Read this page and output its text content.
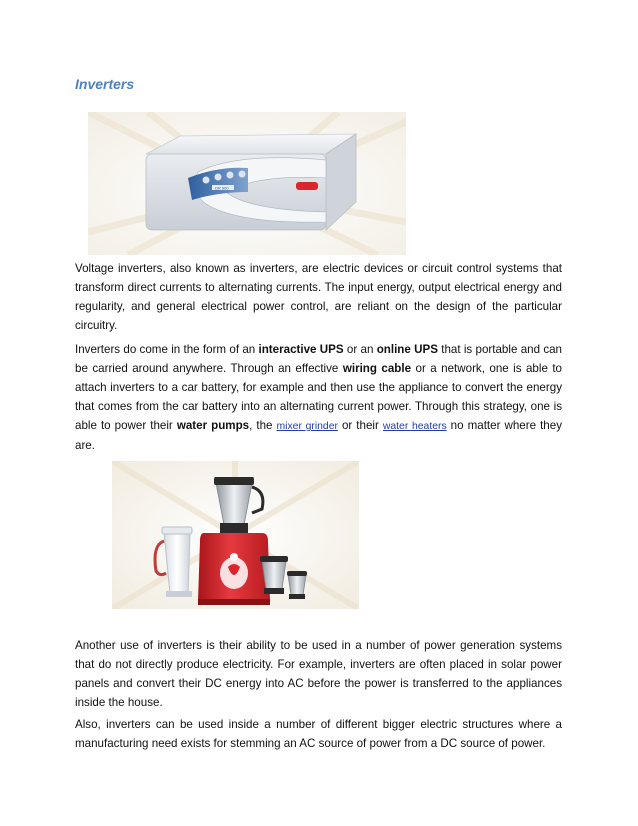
Inverters
DR 900
Voltage inverters, also known as inverters, are electric devices or circuit control systems that transform direct currents to alternating currents. The input energy, output electrical energy and regularity, and general electrical power control, are reliant on the design of the particular circuitry.
Inverters do come in the form of an interactive UPS or an online UPS that is portable and can be carried around anywhere. Through an effective wiring cable or a network, one is able to attach inverters to a car battery, for example and then use the appliance to convert the energy that comes from the car battery into an alternating current power. Through this strategy, one is able to power their water pumps, the mixer grinder or their water heaters no matter where they are.
Another use of inverters is their ability to be used in a number of power generation systems that do not directly produce electricity. For example, inverters are often placed in solar power panels and convert their DC energy into AC before the power is transferred to the appliances inside the house.
Also, inverters can be used inside a number of different bigger electric structures where a manufacturing need exists for stemming an AC source of power from a DC source of power.
